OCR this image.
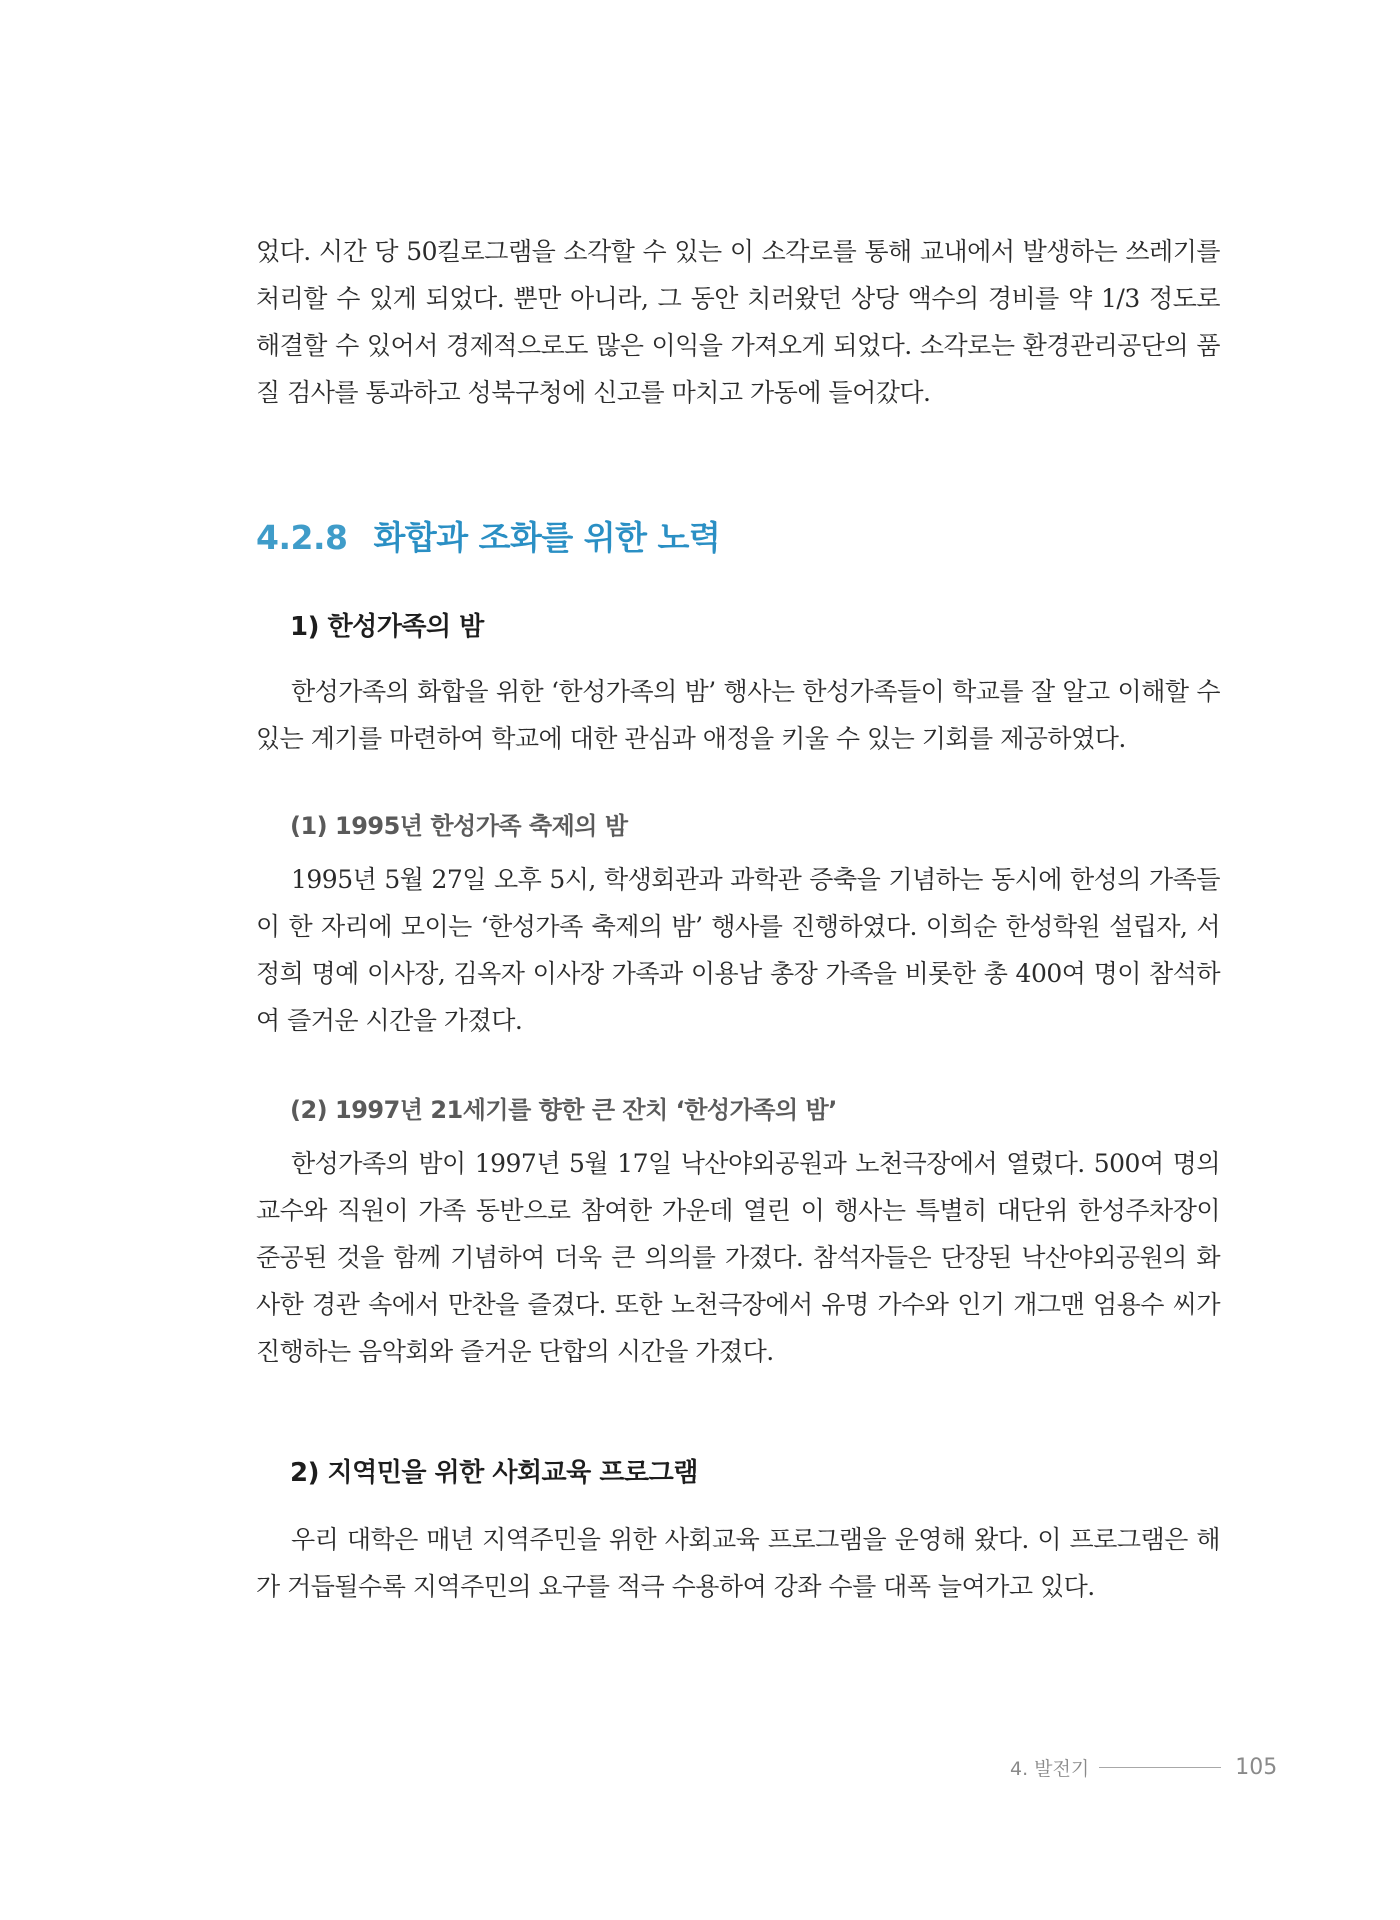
었다. 시간 당 50킬로그램을 소각할 수 있는 이 소각로를 통해 교내에서 발생하는 쓰레기를 처리할 수 있게 되었다. 뿐만 아니라, 그 동안 치러왔던 상당 액수의 경비를 약 1/3 정도로 해결할 수 있어서 경제적으로도 많은 이익을 가져오게 되었다. 소각로는 환경관리공단의 품질 검사를 통과하고 성북구청에 신고를 마치고 가동에 들어갔다.

4.2.8 화합과 조화를 위한 노력
1) 한성가족의 밤

한성가족의 화합을 위한 ‘한성가족의 밤’ 행사는 한성가족들이 학교를 잘 알고 이해할 수 있는 계기를 마련하여 학교에 대한 관심과 애정을 키울 수 있는 기회를 제공하였다.

(1) 1995년 한성가족 축제의 밤

1995년 5월 27일 오후 5시, 학생회관과 과학관 증축을 기념하는 동시에 한성의 가족들이 한 자리에 모이는 ‘한성가족 축제의 밤’ 행사를 진행하였다. 이희순 한성학원 설립자, 서정희 명예 이사장, 김옥자 이사장 가족과 이용남 총장 가족을 비롯한 총 400여 명이 참석하여 즐거운 시간을 가졌다.

(2) 1997년 21세기를 향한 큰 잔치 ‘한성가족의 밤’

한성가족의 밤이 1997년 5월 17일 낙산야외공원과 노천극장에서 열렸다. 500여 명의 교수와 직원이 가족 동반으로 참여한 가운데 열린 이 행사는 특별히 대단위 한성주차장이 준공된 것을 함께 기념하여 더욱 큰 의의를 가졌다. 참석자들은 단장된 낙산야외공원의 화사한 경관 속에서 만찬을 즐겼다. 또한 노천극장에서 유명 가수와 인기 개그맨 엄용수 씨가 진행하는 음악회와 즐거운 단합의 시간을 가졌다.

2) 지역민을 위한 사회교육 프로그램

우리 대학은 매년 지역주민을 위한 사회교육 프로그램을 운영해 왔다. 이 프로그램은 해가 거듭될수록 지역주민의 요구를 적극 수용하여 강좌 수를 대폭 늘여가고 있다.

4. 발전기	105
